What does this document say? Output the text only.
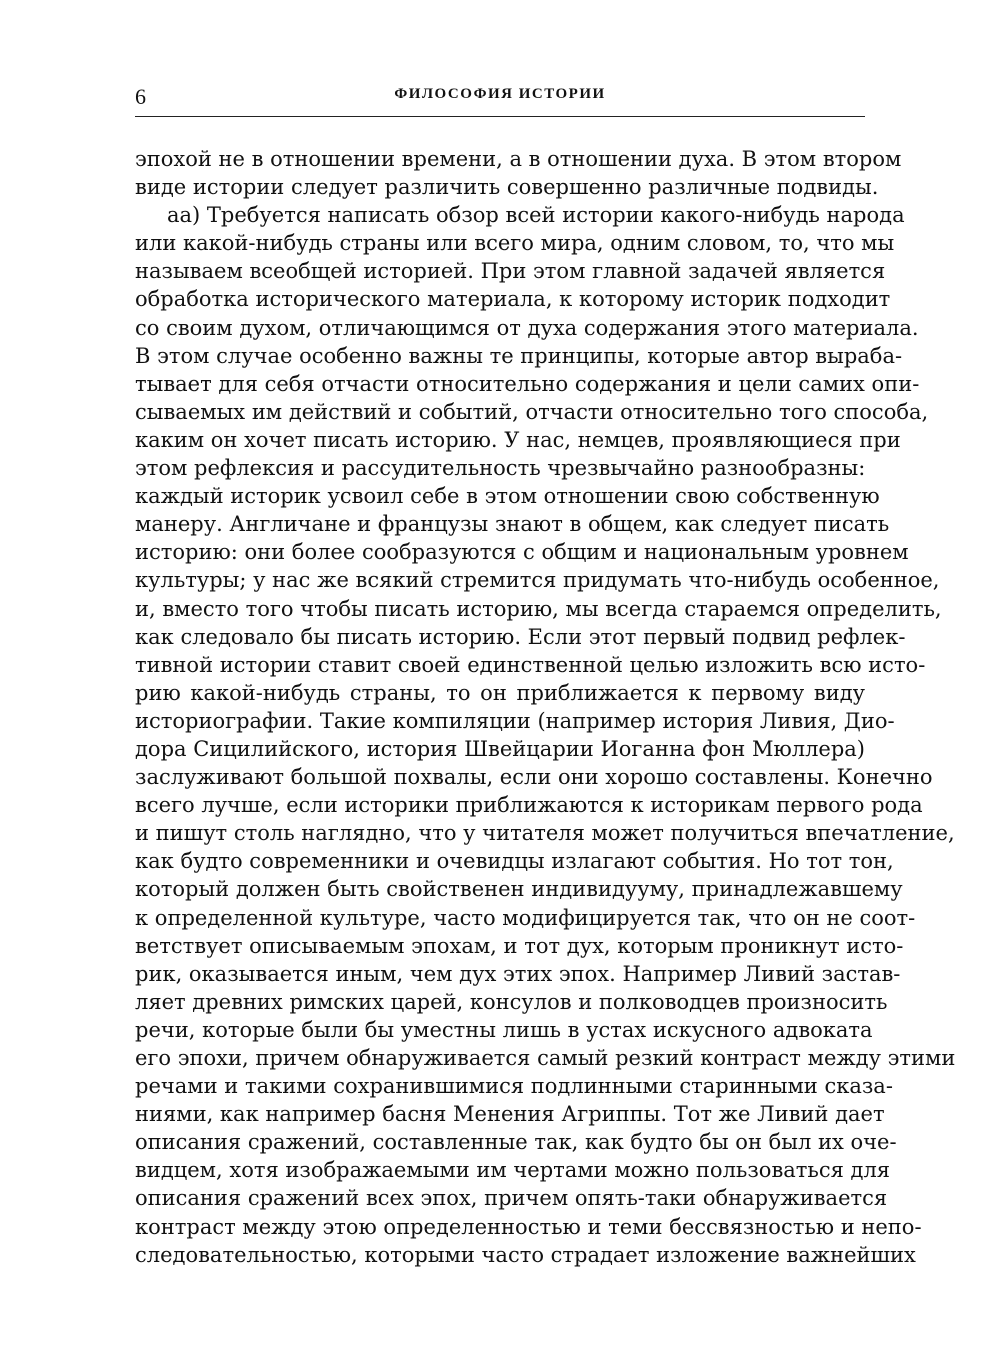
6	ФИЛОСОФИЯ ИСТОРИИ
эпохой не в отношении времени, а в отношении духа. В этом втором
виде истории следует различить совершенно различные подвиды.
аа) Требуется написать обзор всей истории какого-нибудь народа
или какой-нибудь страны или всего мира, одним словом, то, что мы
называем всеобщей историей. При этом главной задачей является
обработка исторического материала, к которому историк подходит
со своим духом, отличающимся от духа содержания этого материала.
В этом случае особенно важны те принципы, которые автор выраба-
тывает для себя отчасти относительно содержания и цели самих опи-
сываемых им действий и событий, отчасти относительно того способа,
каким он хочет писать историю. У нас, немцев, проявляющиеся при
этом рефлексия и рассудительность чрезвычайно разнообразны:
каждый историк усвоил себе в этом отношении свою собственную
манеру. Англичане и французы знают в общем, как следует писать
историю: они более сообразуются с общим и национальным уровнем
культуры; у нас же всякий стремится придумать что-нибудь особенное,
и, вместо того чтобы писать историю, мы всегда стараемся определить,
как следовало бы писать историю. Если этот первый подвид рефлек-
тивной истории ставит своей единственной целью изложить всю исто-
рию какой-нибудь страны, то он приближается к первому виду
историографии. Такие компиляции (например история Ливия, Дио-
дора Сицилийского, история Швейцарии Иоганна фон Мюллера)
заслуживают большой похвалы, если они хорошо составлены. Конечно
всего лучше, если историки приближаются к историкам первого рода
и пишут столь наглядно, что у читателя может получиться впечатление,
как будто современники и очевидцы излагают события. Но тот тон,
который должен быть свойственен индивидууму, принадлежавшему
к определенной культуре, часто модифицируется так, что он не соот-
ветствует описываемым эпохам, и тот дух, которым проникнут исто-
рик, оказывается иным, чем дух этих эпох. Например Ливий застав-
ляет древних римских царей, консулов и полководцев произносить
речи, которые были бы уместны лишь в устах искусного адвоката
его эпохи, причем обнаруживается самый резкий контраст между этими
речами и такими сохранившимися подлинными старинными сказа-
ниями, как например басня Менения Агриппы. Тот же Ливий дает
описания сражений, составленные так, как будто бы он был их оче-
видцем, хотя изображаемыми им чертами можно пользоваться для
описания сражений всех эпох, причем опять-таки обнаруживается
контраст между этою определенностью и теми бессвязностью и непо-
следовательностью, которыми часто страдает изложение важнейших
